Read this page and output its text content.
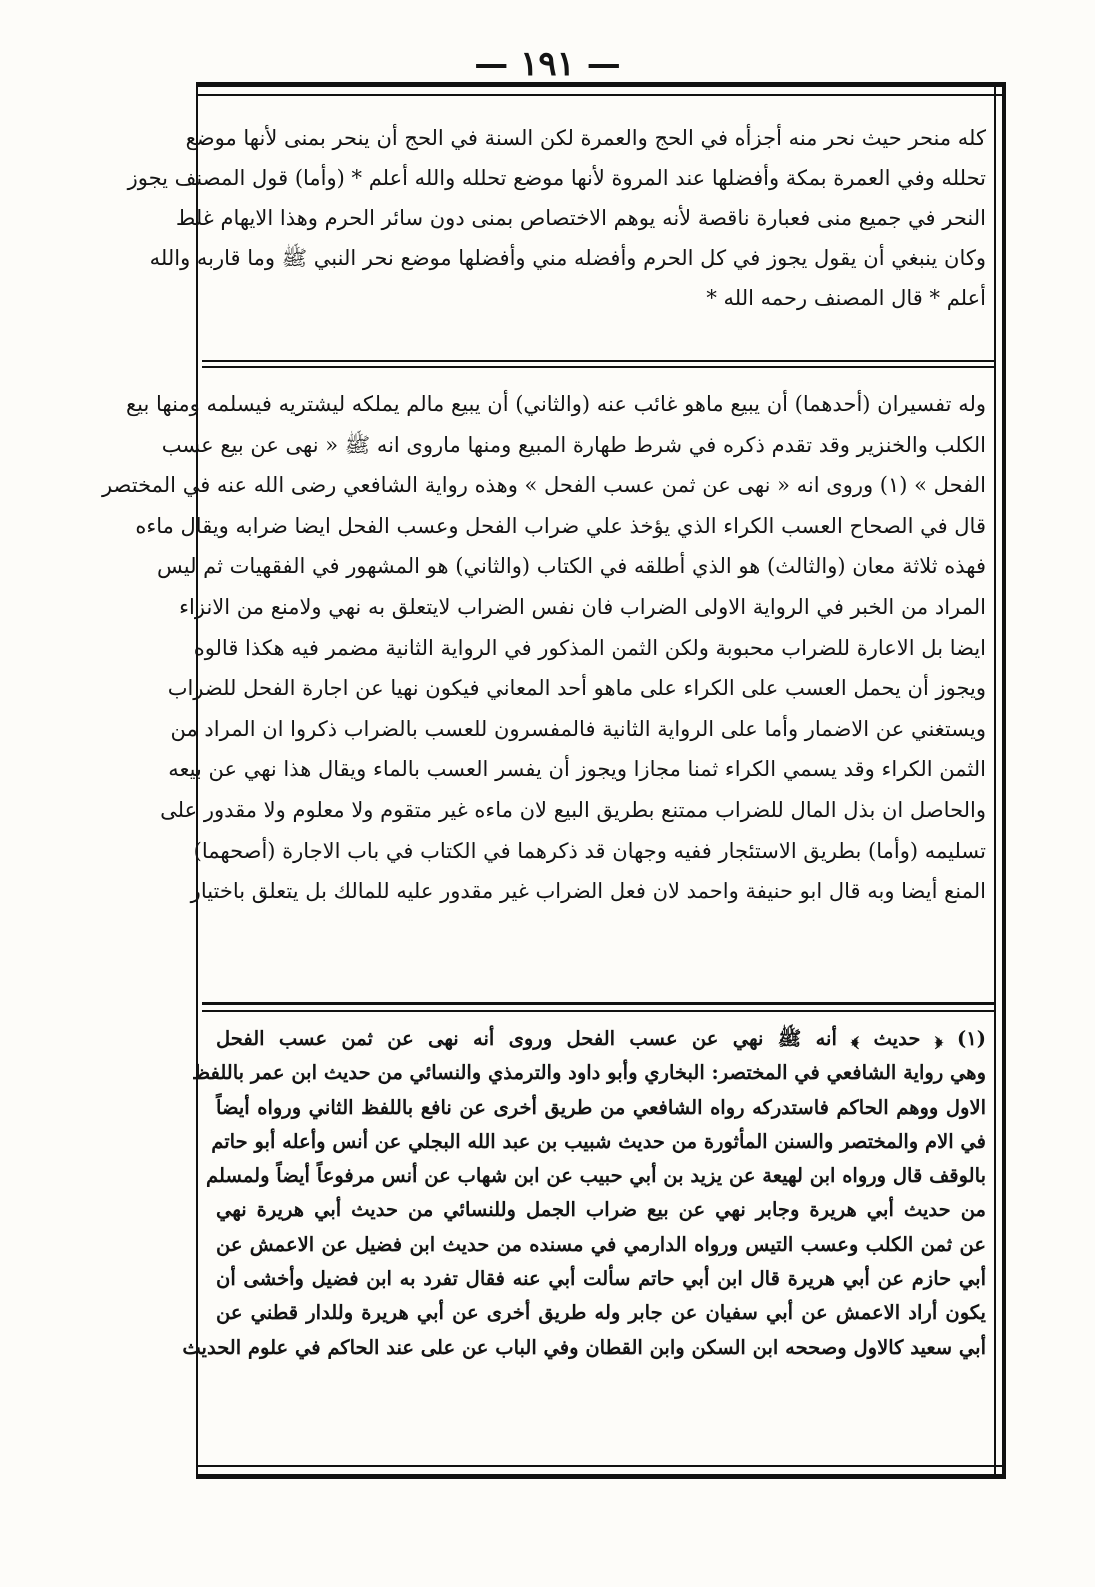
— ١٩١ —
كله منحر حيث نحر منه أجزأه في الحج والعمرة لكن السنة في الحج أن ينحر بمنى لأنها موضع
تحلله وفي العمرة بمكة وأفضلها عند المروة لأنها موضع تحلله والله أعلم * (وأما) قول المصنف يجوز
النحر في جميع منى فعبارة ناقصة لأنه يوهم الاختصاص بمنى دون سائر الحرم وهذا الايهام غلط
وكان ينبغي أن يقول يجوز في كل الحرم وأفضله مني وأفضلها موضع نحر النبي ﷺ وما قاربه والله
أعلم * قال المصنف رحمه الله *
وله تفسيران (أحدهما) أن يبيع ماهو غائب عنه (والثاني) أن يبيع مالم يملكه ليشتريه فيسلمه ومنها بيع
الكلب والخنزير وقد تقدم ذكره في شرط طهارة المبيع ومنها ماروى انه ﷺ « نهى عن بيع عسب
الفحل » (١) وروى انه « نهى عن ثمن عسب الفحل » وهذه رواية الشافعي رضى الله عنه في المختصر
قال في الصحاح العسب الكراء الذي يؤخذ علي ضراب الفحل وعسب الفحل ايضا ضرابه ويقال ماءه
فهذه ثلاثة معان (والثالث) هو الذي أطلقه في الكتاب (والثاني) هو المشهور في الفقهيات ثم ليس
المراد من الخبر في الرواية الاولى الضراب فان نفس الضراب لايتعلق به نهي ولامنع من الانزاء
ايضا بل الاعارة للضراب محبوبة ولكن الثمن المذكور في الرواية الثانية مضمر فيه هكذا قالوه
ويجوز أن يحمل العسب على الكراء على ماهو أحد المعاني فيكون نهيا عن اجارة الفحل للضراب
ويستغني عن الاضمار وأما على الرواية الثانية فالمفسرون للعسب بالضراب ذكروا ان المراد من
الثمن الكراء وقد يسمي الكراء ثمنا مجازا ويجوز أن يفسر العسب بالماء ويقال هذا نهي عن بيعه
والحاصل ان بذل المال للضراب ممتنع بطريق البيع لان ماءه غير متقوم ولا معلوم ولا مقدور على
تسليمه (وأما) بطريق الاستئجار ففيه وجهان قد ذكرهما في الكتاب في باب الاجارة (أصحهما)
المنع أيضا وبه قال ابو حنيفة واحمد لان فعل الضراب غير مقدور عليه للمالك بل يتعلق باختيار
(١) ﴿ حديث ﴾ أنه ﷺ نهي عن عسب الفحل وروى أنه نهى عن ثمن عسب الفحل
وهي رواية الشافعي في المختصر: البخاري وأبو داود والترمذي والنسائي من حديث ابن عمر باللفظ
الاول ووهم الحاكم فاستدركه رواه الشافعي من طريق أخرى عن نافع باللفظ الثاني ورواه أيضاً
في الام والمختصر والسنن المأثورة من حديث شبيب بن عبد الله البجلي عن أنس وأعله أبو حاتم
بالوقف قال ورواه ابن لهيعة عن يزيد بن أبي حبيب عن ابن شهاب عن أنس مرفوعاً أيضاً ولمسلم
من حديث أبي هريرة وجابر نهي عن بيع ضراب الجمل وللنسائي من حديث أبي هريرة نهي
عن ثمن الكلب وعسب التيس ورواه الدارمي في مسنده من حديث ابن فضيل عن الاعمش عن
أبي حازم عن أبي هريرة قال ابن أبي حاتم سألت أبي عنه فقال تفرد به ابن فضيل وأخشى أن
يكون أراد الاعمش عن أبي سفيان عن جابر وله طريق أخرى عن أبي هريرة وللدار قطني عن
أبي سعيد كالاول وصححه ابن السكن وابن القطان وفي الباب عن على عند الحاكم في علوم الحديث
